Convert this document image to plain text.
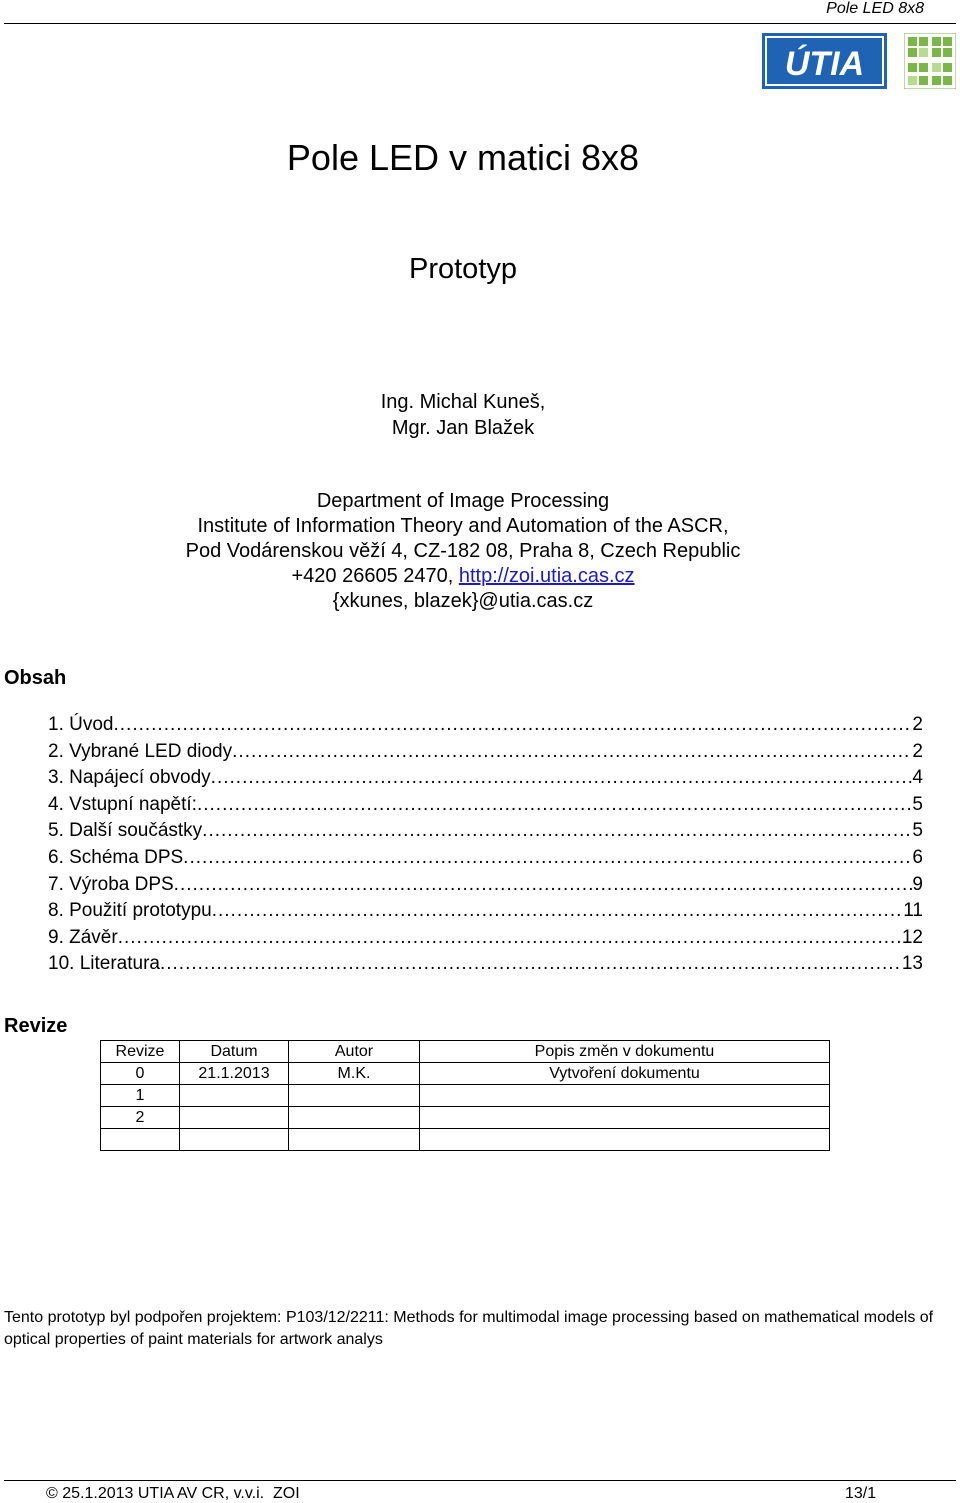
Pole LED 8x8
ÚTIA
Pole LED v matici 8x8
Prototyp
Ing. Michal Kuneš,
Mgr. Jan Blažek
Department of Image Processing
Institute of Information Theory and Automation of the ASCR,
Pod Vodárenskou věží 4, CZ-182 08, Praha 8, Czech Republic
+420 26605 2470, http://zoi.utia.cas.cz
{xkunes, blazek}@utia.cas.cz
Obsah
1. Úvod .....	2
2. Vybrané LED diody .....	2
3. Napájecí obvody .....	4
4. Vstupní napětí: .....	5
5. Další součástky .....	5
6. Schéma DPS .....	6
7. Výroba DPS .....	9
8. Použití prototypu .....	11
9. Závěr .....	12
10. Literatura .....	13
Revize
Revize	Datum	Autor	Popis změn v dokumentu
0	21.1.2013	M.K.	Vytvoření dokumentu
1			
2			

Tento prototyp byl podpořen projektem: P103/12/2211: Methods for multimodal image processing based on mathematical models of optical properties of paint materials for artwork analys
© 25.1.2013 UTIA AV CR, v.v.i.  ZOI	13/1
